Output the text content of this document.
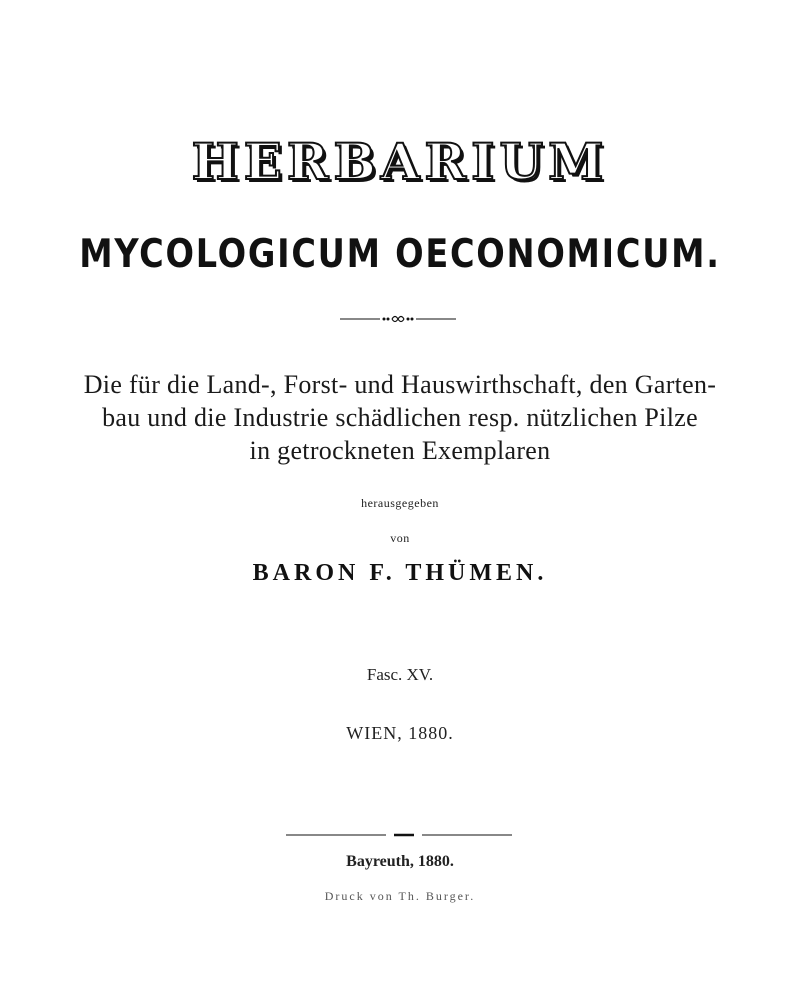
HERBARIUM
MYCOLOGICUM OECONOMICUM.
Die für die Land-, Forst- und Hauswirthschaft, den Garten-
bau und die Industrie schädlichen resp. nützlichen Pilze
in getrockneten Exemplaren
herausgegeben
von
BARON F. THÜMEN.
Fasc. XV.
WIEN, 1880.
Bayreuth, 1880.
Druck von Th. Burger.
